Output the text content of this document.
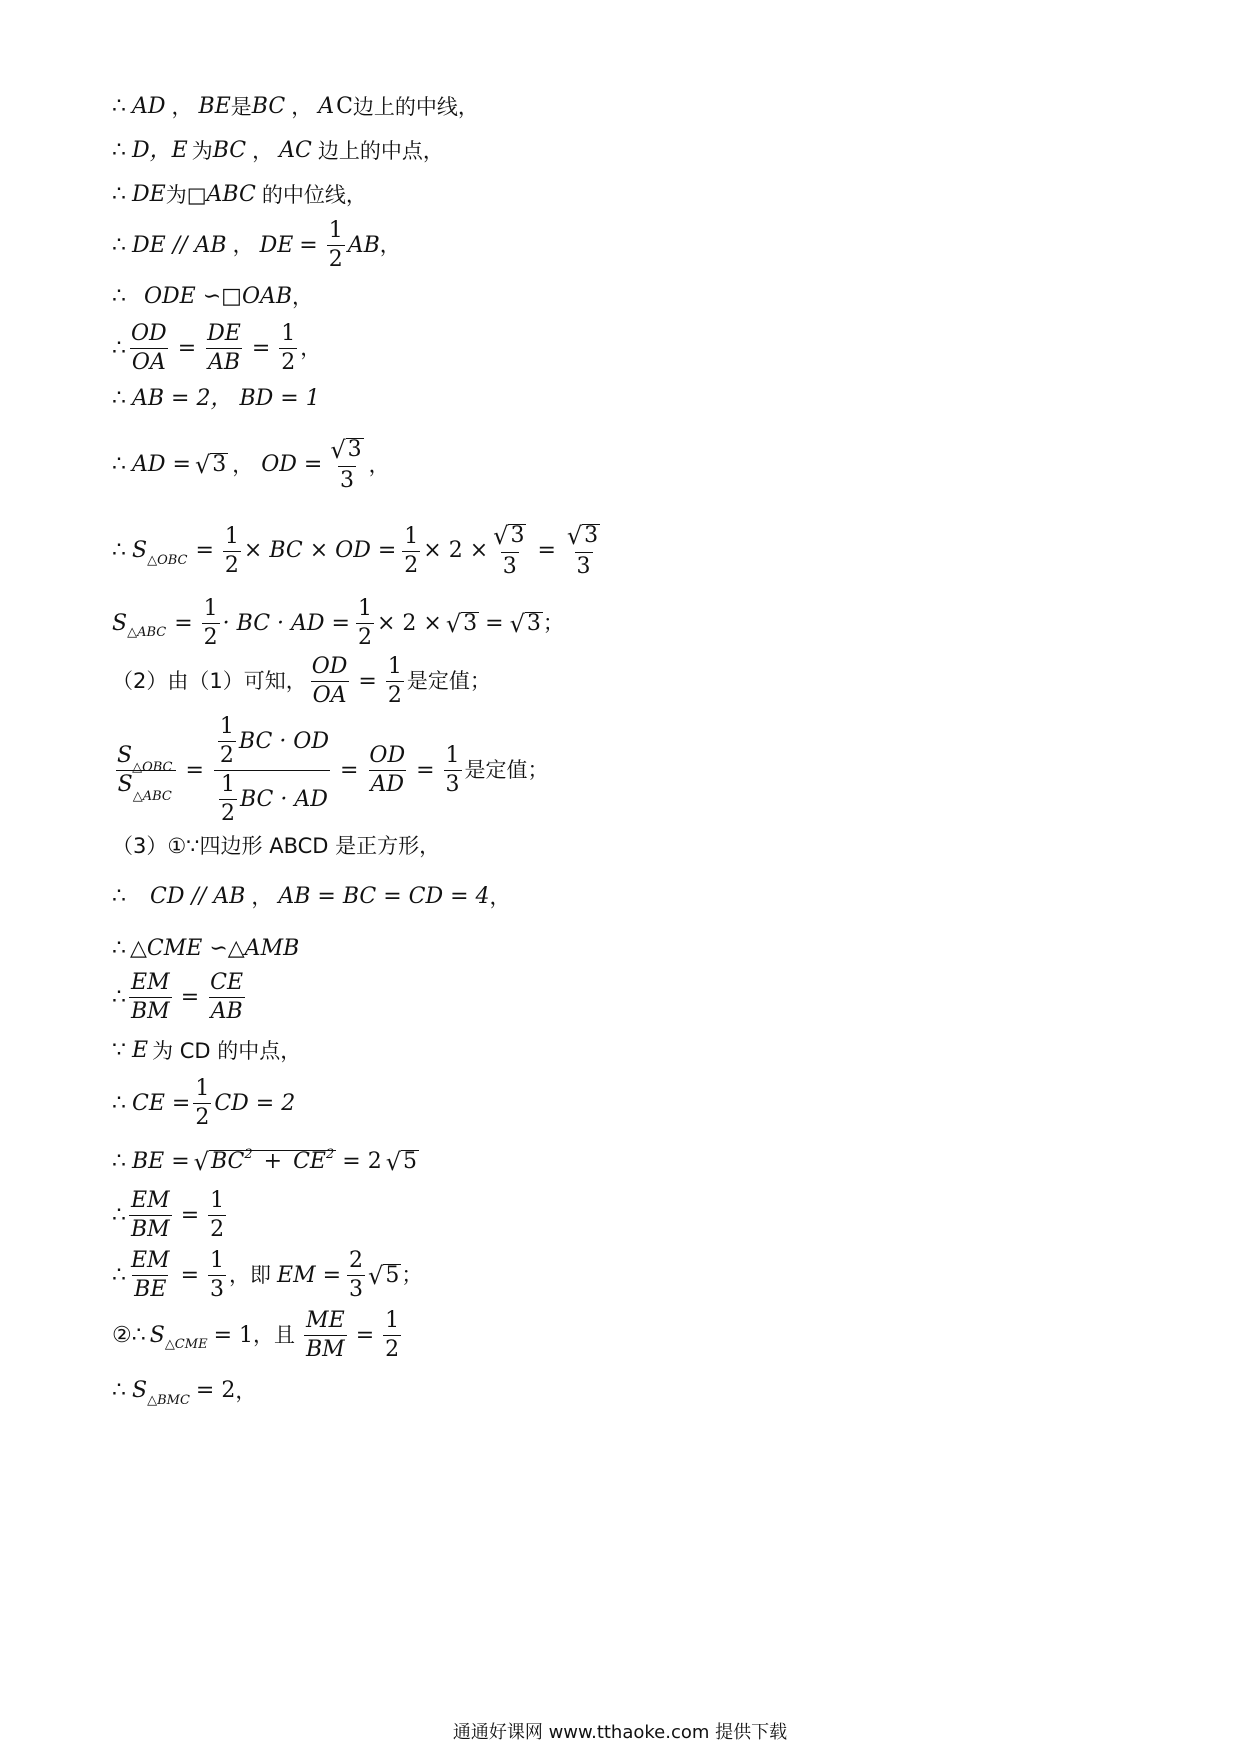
∴ AD ， BE 是 BC ， A C 边上的中线，
∴ D，E 为 BC ， AC 边上的中点，
∴ DE 为 □ ABC 的中位线，
∴ DE // AB ， DE = $\frac{1}{2}$ AB ，
∴ ODE ∽□OAB ，
∴ $\frac{OD}{OA} = \frac{DE}{AB} = \frac{1}{2}$ ，
∴ AB = 2， BD = 1
∴ AD = √ 3 ， OD = $\frac{√ 3}{3}$ ，
∴ S △OBC = $\frac{1}{2}$ × BC × OD = $\frac{1}{2} \times 2 \times \frac{√ 3}{3} = \frac{√ 3}{3}$
S △ABC = $\frac{1}{2}$ · BC · AD = $\frac{1}{2} \times 2$ × √ 3 = √ 3 ；
（2）由（1）可知， $\frac{OD}{OA} = \frac{1}{2}$ 是定值；
$\frac{S_{\triangle OBC}}{S_{\triangle ABC}} = \frac{\frac{1}{2} BC \cdot OD}{\frac{1}{2} BC \cdot AD} = \frac{OD}{AD} = \frac{1}{3}$ 是定值；
（3）①∵四边形 ABCD 是正方形，
∴ CD // AB ， AB = BC = CD = 4 ，
∴ △CME ∽△AMB
∴ $\frac{EM}{BM} = \frac{CE}{AB}$
∵ E 为 CD 的中点，
∴ CE = $\frac{1}{2}$ CD = 2
∴ BE = √ $BC^2 + CE^2 = 2$ √ 5
∴ $\frac{EM}{BM} = \frac{1}{2}$
∴ $\frac{EM}{BE} = \frac{1}{3}$ ，即 EM = $\frac{2}{3}$ √ 5 ；
②∴ S △CME = 1 ，且 $\frac{ME}{BM} = \frac{1}{2}$
∴ S △BMC = 2 ，
通通好课网 www.tthaoke.com 提供下载
